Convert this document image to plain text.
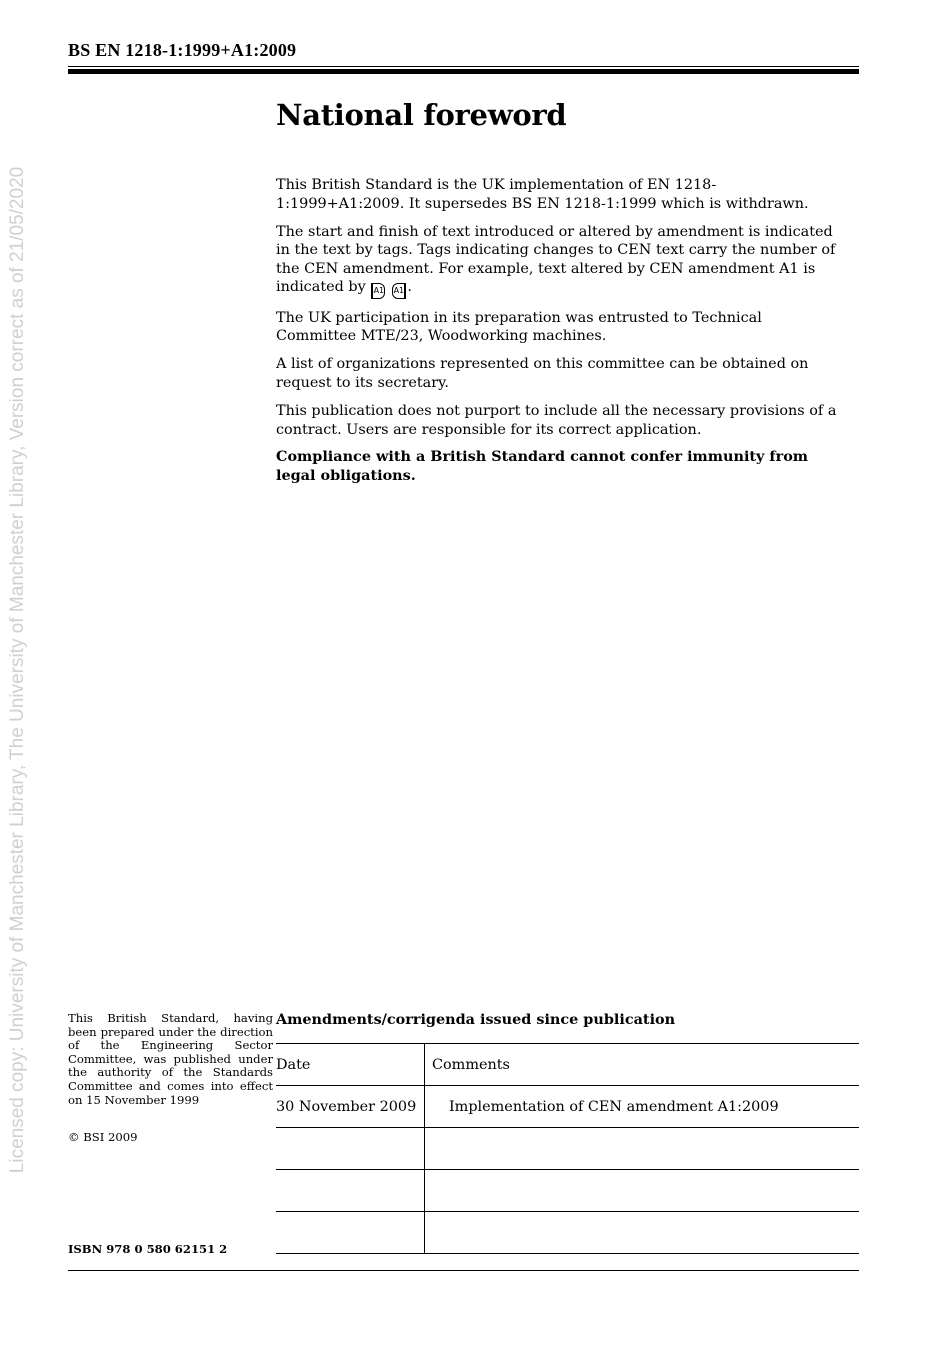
Licensed copy: University of Manchester Library, The University of Manchester Library, Version correct as of 21/05/2020
BS EN 1218-1:1999+A1:2009
National foreword

This British Standard is the UK implementation of EN 1218-1:1999+A1:2009. It supersedes BS EN 1218-1:1999 which is withdrawn.

The start and finish of text introduced or altered by amendment is indicated in the text by tags. Tags indicating changes to CEN text carry the number of the CEN amendment. For example, text altered by CEN amendment A1 is indicated by A1 A1 .

The UK participation in its preparation was entrusted to Technical Committee MTE/23, Woodworking machines.

A list of organizations represented on this committee can be obtained on request to its secretary.

This publication does not purport to include all the necessary provisions of a contract. Users are responsible for its correct application.

Compliance with a British Standard cannot confer immunity from legal obligations.

This British Standard, having been prepared under the direction of the Engineering Sector Committee, was published under the authority of the Standards Committee and comes into effect on 15 November 1999
© BSI 2009
ISBN 978 0 580 62151 2
Amendments/corrigenda issued since publication
Date	Comments
30 November 2009	Implementation of CEN amendment A1:2009
